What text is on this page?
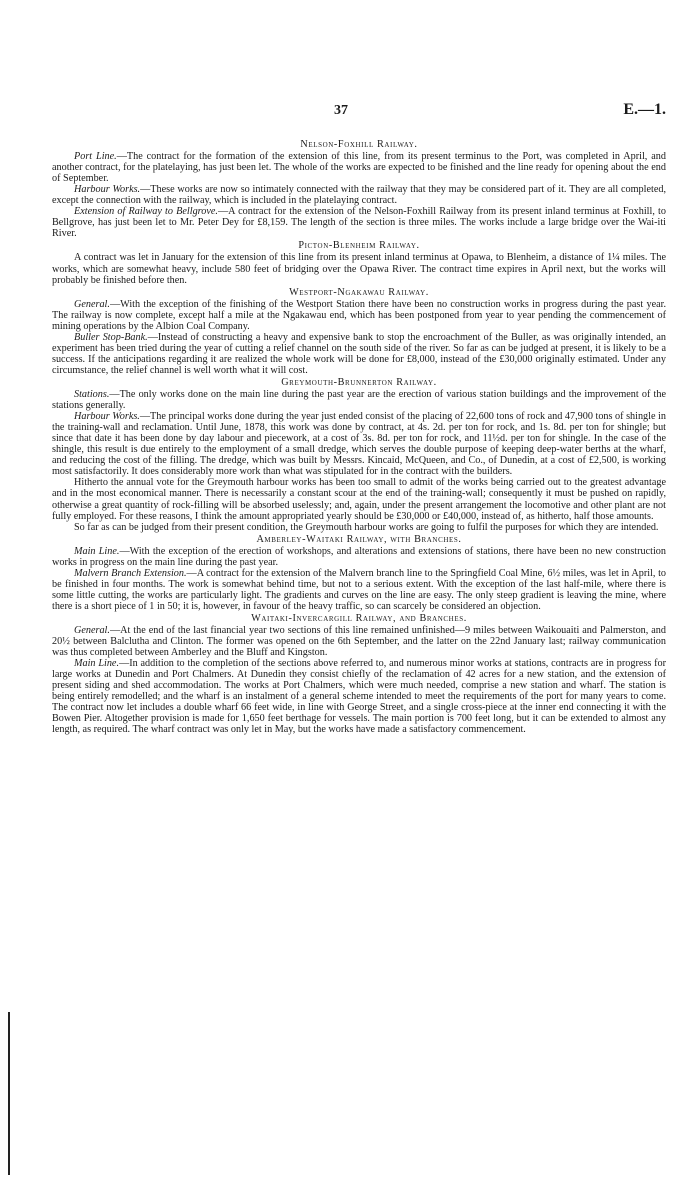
37	E.—1.
Nelson-Foxhill Railway.

Port Line.—The contract for the formation of the extension of this line, from its present terminus to the Port, was completed in April, and another contract, for the platelaying, has just been let. The whole of the works are expected to be finished and the line ready for opening about the end of September.

Harbour Works.—These works are now so intimately connected with the railway that they may be considered part of it. They are all completed, except the connection with the railway, which is included in the platelaying contract.

Extension of Railway to Bellgrove.—A contract for the extension of the Nelson-Foxhill Railway from its present inland terminus at Foxhill, to Bellgrove, has just been let to Mr. Peter Dey for £8,159. The length of the section is three miles. The works include a large bridge over the Wai-iti River.

Picton-Blenheim Railway.

A contract was let in January for the extension of this line from its present inland terminus at Opawa, to Blenheim, a distance of 1¼ miles. The works, which are somewhat heavy, include 580 feet of bridging over the Opawa River. The contract time expires in April next, but the works will probably be finished before then.

Westport-Ngakawau Railway.

General.—With the exception of the finishing of the Westport Station there have been no construction works in progress during the past year. The railway is now complete, except half a mile at the Ngakawau end, which has been postponed from year to year pending the commencement of mining operations by the Albion Coal Company.

Buller Stop-Bank.—Instead of constructing a heavy and expensive bank to stop the encroachment of the Buller, as was originally intended, an experiment has been tried during the year of cutting a relief channel on the south side of the river. So far as can be judged at present, it is likely to be a success. If the anticipations regarding it are realized the whole work will be done for £8,000, instead of the £30,000 originally estimated. Under any circumstance, the relief channel is well worth what it will cost.

Greymouth-Brunnerton Railway.

Stations.—The only works done on the main line during the past year are the erection of various station buildings and the improvement of the stations generally.

Harbour Works.—The principal works done during the year just ended consist of the placing of 22,600 tons of rock and 47,900 tons of shingle in the training-wall and reclamation. Until June, 1878, this work was done by contract, at 4s. 2d. per ton for rock, and 1s. 8d. per ton for shingle; but since that date it has been done by day labour and piecework, at a cost of 3s. 8d. per ton for rock, and 11½d. per ton for shingle. In the case of the shingle, this result is due entirely to the employment of a small dredge, which serves the double purpose of keeping deep-water berths at the wharf, and reducing the cost of the filling. The dredge, which was built by Messrs. Kincaid, McQueen, and Co., of Dunedin, at a cost of £2,500, is working most satisfactorily. It does considerably more work than what was stipulated for in the contract with the builders.

Hitherto the annual vote for the Greymouth harbour works has been too small to admit of the works being carried out to the greatest advantage and in the most economical manner. There is necessarily a constant scour at the end of the training-wall; consequently it must be pushed on rapidly, otherwise a great quantity of rock-filling will be absorbed uselessly; and, again, under the present arrangement the locomotive and other plant are not fully employed. For these reasons, I think the amount appropriated yearly should be £30,000 or £40,000, instead of, as hitherto, half those amounts.

So far as can be judged from their present condition, the Greymouth harbour works are going to fulfil the purposes for which they are intended.

Amberley-Waitaki Railway, with Branches.

Main Line.—With the exception of the erection of workshops, and alterations and extensions of stations, there have been no new construction works in progress on the main line during the past year.

Malvern Branch Extension.—A contract for the extension of the Malvern branch line to the Springfield Coal Mine, 6½ miles, was let in April, to be finished in four months. The work is somewhat behind time, but not to a serious extent. With the exception of the last half-mile, where there is some little cutting, the works are particularly light. The gradients and curves on the line are easy. The only steep gradient is leaving the mine, where there is a short piece of 1 in 50; it is, however, in favour of the heavy traffic, so can scarcely be considered an objection.

Waitaki-Invercargill Railway, and Branches.

General.—At the end of the last financial year two sections of this line remained unfinished—9 miles between Waikouaiti and Palmerston, and 20½ between Balclutha and Clinton. The former was opened on the 6th September, and the latter on the 22nd January last; railway communication was thus completed between Amberley and the Bluff and Kingston.

Main Line.—In addition to the completion of the sections above referred to, and numerous minor works at stations, contracts are in progress for large works at Dunedin and Port Chalmers. At Dunedin they consist chiefly of the reclamation of 42 acres for a new station, and the extension of present siding and shed accommodation. The works at Port Chalmers, which were much needed, comprise a new station and wharf. The station is being entirely remodelled; and the wharf is an instalment of a general scheme intended to meet the requirements of the port for many years to come. The contract now let includes a double wharf 66 feet wide, in line with George Street, and a single cross-piece at the inner end connecting it with the Bowen Pier. Altogether provision is made for 1,650 feet berthage for vessels. The main portion is 700 feet long, but it can be extended to almost any length, as required. The wharf contract was only let in May, but the works have made a satisfactory commencement.
